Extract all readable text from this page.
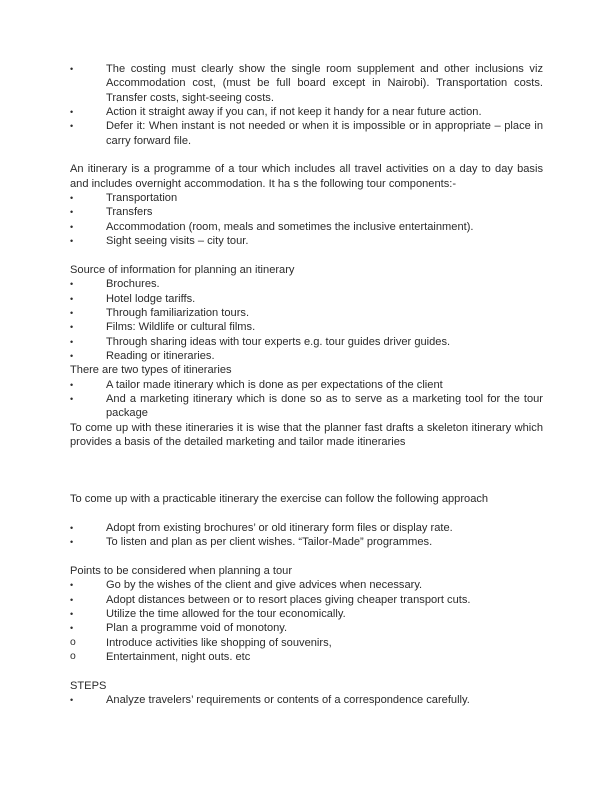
•	The costing must clearly show the single room supplement and other inclusions viz Accommodation cost, (must be full board except in Nairobi). Transportation costs. Transfer costs, sight-seeing costs.
•	Action it straight away if you can, if not keep it handy for a near future action.
•	Defer it: When instant is not needed or when it is impossible or in appropriate – place in carry forward file.

An itinerary is a programme of a tour which includes all travel activities on a day to day basis and includes overnight accommodation. It ha s the following tour components:-

•	Transportation
•	Transfers
•	Accommodation (room, meals and sometimes the inclusive entertainment).
•	Sight seeing visits – city tour.

Source of information for planning an itinerary

•	Brochures.
•	Hotel lodge tariffs.
•	Through familiarization tours.
•	Films: Wildlife or cultural films.
•	Through sharing ideas with tour experts e.g. tour guides driver guides.
•	Reading or itineraries.

There are two types of itineraries

•	A tailor made itinerary which is done as per expectations of the client
•	And a marketing itinerary which is done so as to serve as a marketing tool for the tour package

To come up with these itineraries it is wise that the planner fast drafts a skeleton itinerary which provides a basis of the detailed marketing and tailor made itineraries

To come up with a practicable itinerary the exercise can follow the following approach

•	Adopt from existing brochures’ or old itinerary form files or display rate.
•	To listen and plan as per client wishes. “Tailor-Made” programmes.

Points to be considered when planning a tour

•	Go by the wishes of the client and give advices when necessary.
•	Adopt distances between or to resort places giving cheaper transport cuts.
•	Utilize the time allowed for the tour economically.
•	Plan a programme void of monotony.
o	Introduce activities like shopping of souvenirs,
o	Entertainment, night outs. etc

STEPS

•	Analyze travelers’ requirements or contents of a correspondence carefully.
